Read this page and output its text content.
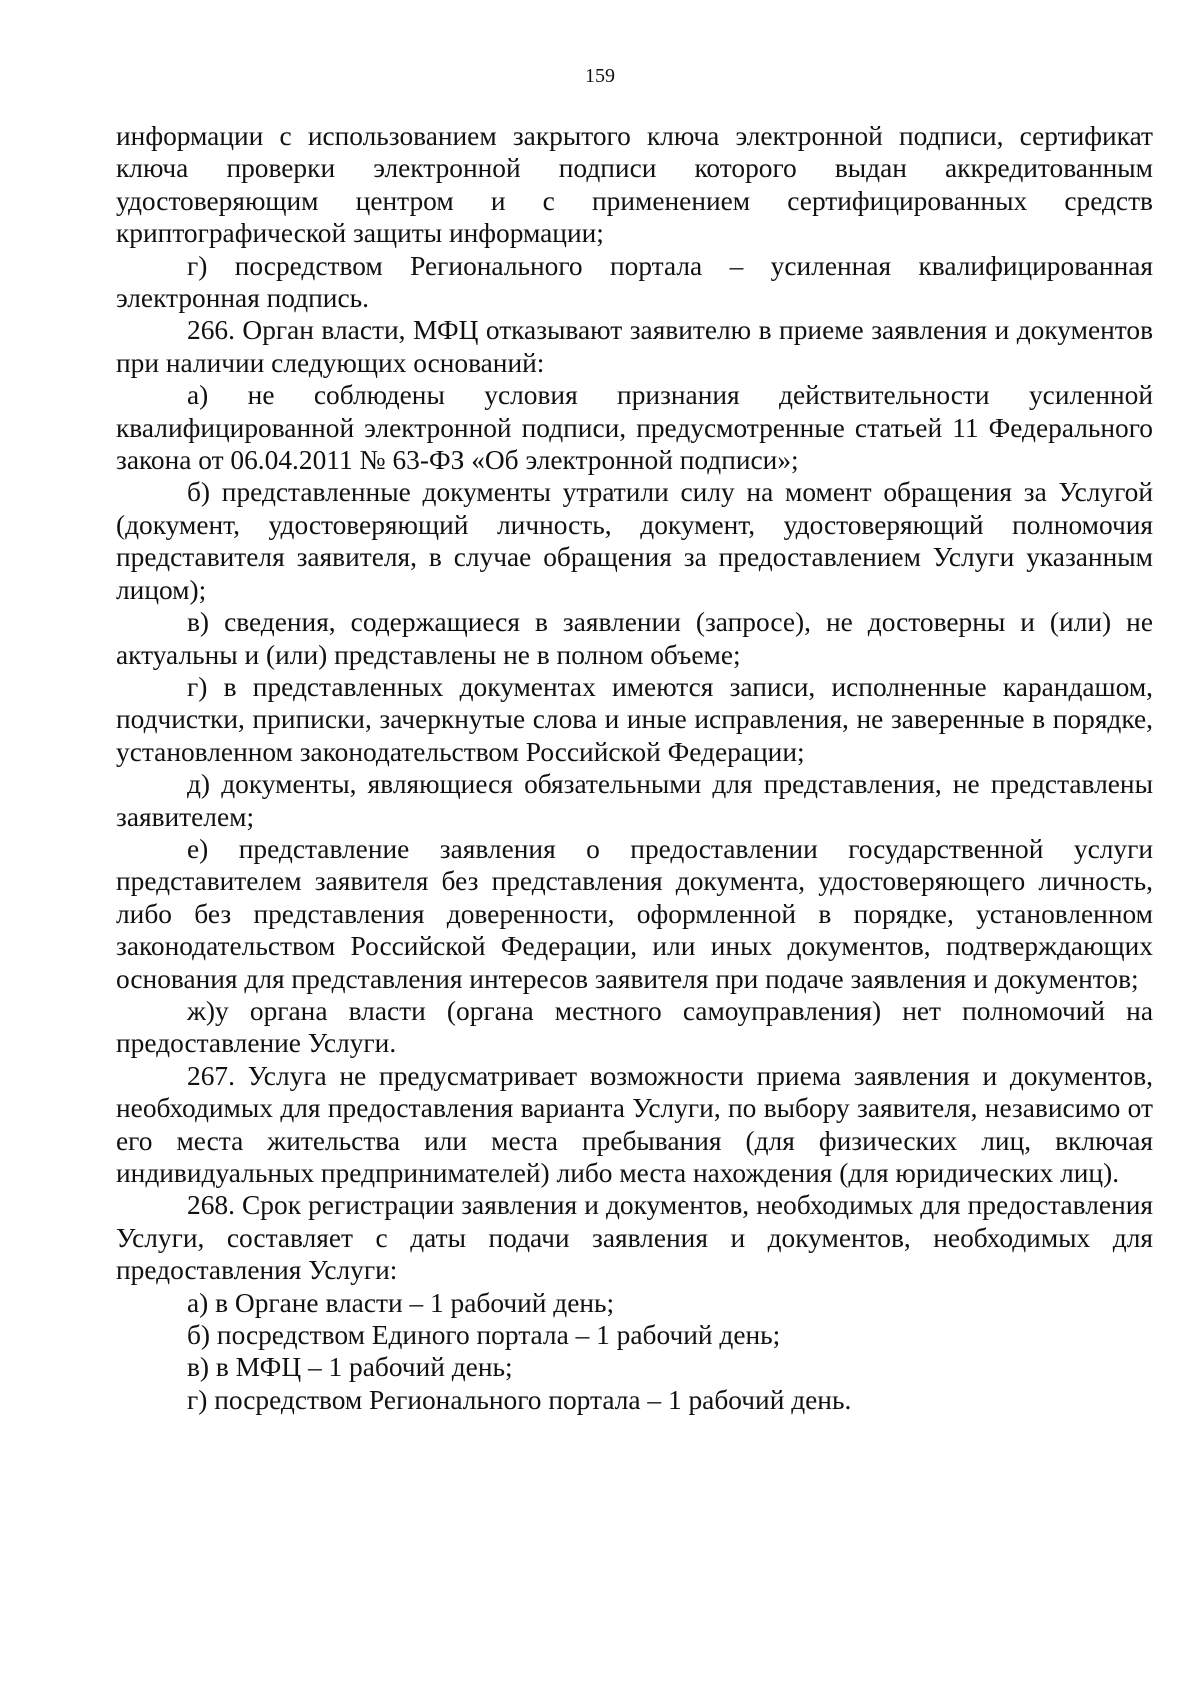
159

информации с использованием закрытого ключа электронной подписи, сертификат ключа проверки электронной подписи которого выдан аккредитованным удостоверяющим центром и с применением сертифицированных средств криптографической защиты информации;

г) посредством Регионального портала – усиленная квалифицированная электронная подпись.

266. Орган власти, МФЦ отказывают заявителю в приеме заявления и документов при наличии следующих оснований:

а) не соблюдены условия признания действительности усиленной квалифицированной электронной подписи, предусмотренные статьей 11 Федерального закона от 06.04.2011 № 63-ФЗ «Об электронной подписи»;

б) представленные документы утратили силу на момент обращения за Услугой (документ, удостоверяющий личность, документ, удостоверяющий полномочия представителя заявителя, в случае обращения за предоставлением Услуги указанным лицом);

в) сведения, содержащиеся в заявлении (запросе), не достоверны и (или) не актуальны и (или) представлены не в полном объеме;

г) в представленных документах имеются записи, исполненные карандашом, подчистки, приписки, зачеркнутые слова и иные исправления, не заверенные в порядке, установленном законодательством Российской Федерации;

д) документы, являющиеся обязательными для представления, не представлены заявителем;

е) представление заявления о предоставлении государственной услуги представителем заявителя без представления документа, удостоверяющего личность, либо без представления доверенности, оформленной в порядке, установленном законодательством Российской Федерации, или иных документов, подтверждающих основания для представления интересов заявителя при подаче заявления и документов;

ж)у органа власти (органа местного самоуправления) нет полномочий на предоставление Услуги.

267. Услуга не предусматривает возможности приема заявления и документов, необходимых для предоставления варианта Услуги, по выбору заявителя, независимо от его места жительства или места пребывания (для физических лиц, включая индивидуальных предпринимателей) либо места нахождения (для юридических лиц).

268. Срок регистрации заявления и документов, необходимых для предоставления Услуги, составляет с даты подачи заявления и документов, необходимых для предоставления Услуги:

а) в Органе власти – 1 рабочий день;

б) посредством Единого портала – 1 рабочий день;

в) в МФЦ – 1 рабочий день;

г) посредством Регионального портала – 1 рабочий день.
